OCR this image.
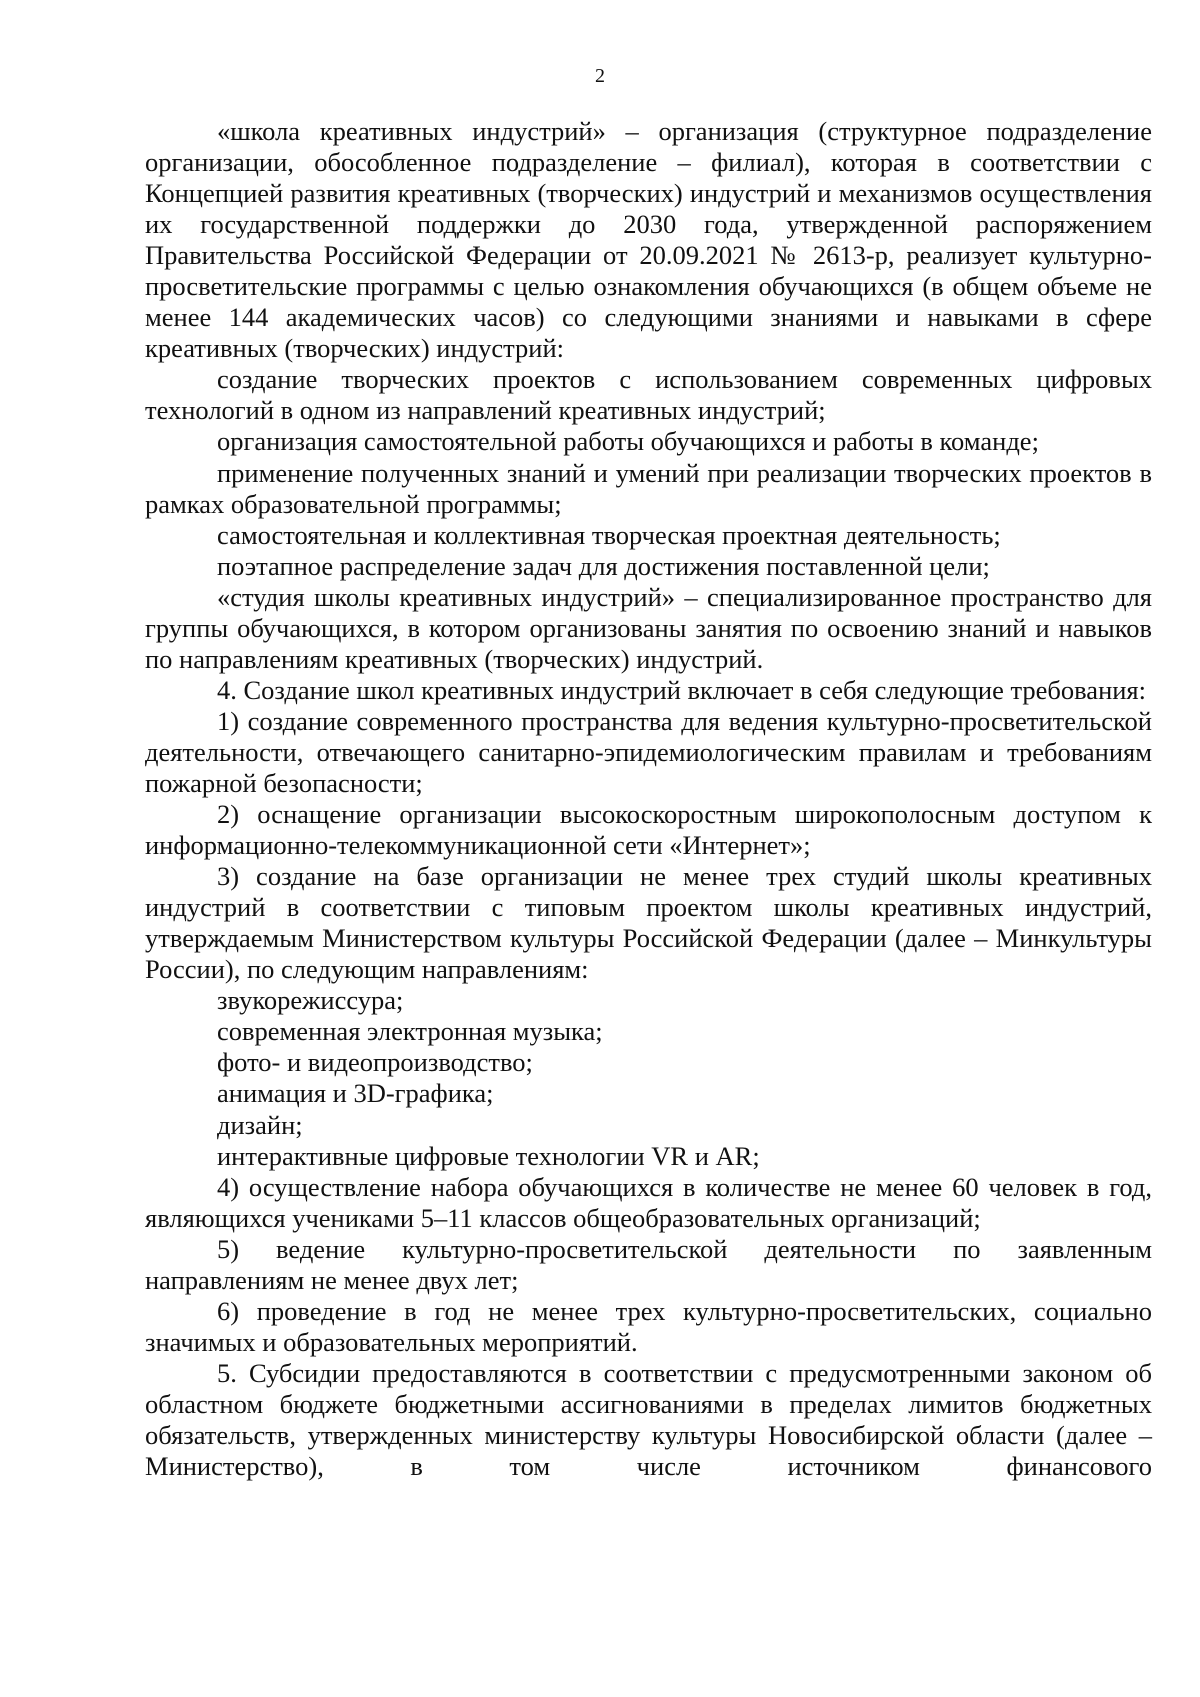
2

«школа креативных индустрий» – организация (структурное подразделение организации, обособленное подразделение – филиал), которая в соответствии с Концепцией развития креативных (творческих) индустрий и механизмов осуществления их государственной поддержки до 2030 года, утвержденной распоряжением Правительства Российской Федерации от 20.09.2021 № 2613-р, реализует культурно-просветительские программы с целью ознакомления обучающихся (в общем объеме не менее 144 академических часов) со следующими знаниями и навыками в сфере креативных (творческих) индустрий:

создание творческих проектов с использованием современных цифровых технологий в одном из направлений креативных индустрий;

организация самостоятельной работы обучающихся и работы в команде;

применение полученных знаний и умений при реализации творческих проектов в рамках образовательной программы;

самостоятельная и коллективная творческая проектная деятельность;

поэтапное распределение задач для достижения поставленной цели;

«студия школы креативных индустрий» – специализированное пространство для группы обучающихся, в котором организованы занятия по освоению знаний и навыков по направлениям креативных (творческих) индустрий.

4. Создание школ креативных индустрий включает в себя следующие требования:

1) создание современного пространства для ведения культурно-просветительской деятельности, отвечающего санитарно-эпидемиологическим правилам и требованиям пожарной безопасности;

2) оснащение организации высокоскоростным широкополосным доступом к информационно-телекоммуникационной сети «Интернет»;

3) создание на базе организации не менее трех студий школы креативных индустрий в соответствии с типовым проектом школы креативных индустрий, утверждаемым Министерством культуры Российской Федерации (далее – Минкультуры России), по следующим направлениям:

звукорежиссура;

современная электронная музыка;

фото- и видеопроизводство;

анимация и 3D-графика;

дизайн;

интерактивные цифровые технологии VR и AR;

4) осуществление набора обучающихся в количестве не менее 60 человек в год, являющихся учениками 5–11 классов общеобразовательных организаций;

5) ведение культурно-просветительской деятельности по заявленным направлениям не менее двух лет;

6) проведение в год не менее трех культурно-просветительских, социально значимых и образовательных мероприятий.

5. Субсидии предоставляются в соответствии с предусмотренными законом об областном бюджете бюджетными ассигнованиями в пределах лимитов бюджетных обязательств, утвержденных министерству культуры Новосибирской области (далее – Министерство), в том числе источником финансового
